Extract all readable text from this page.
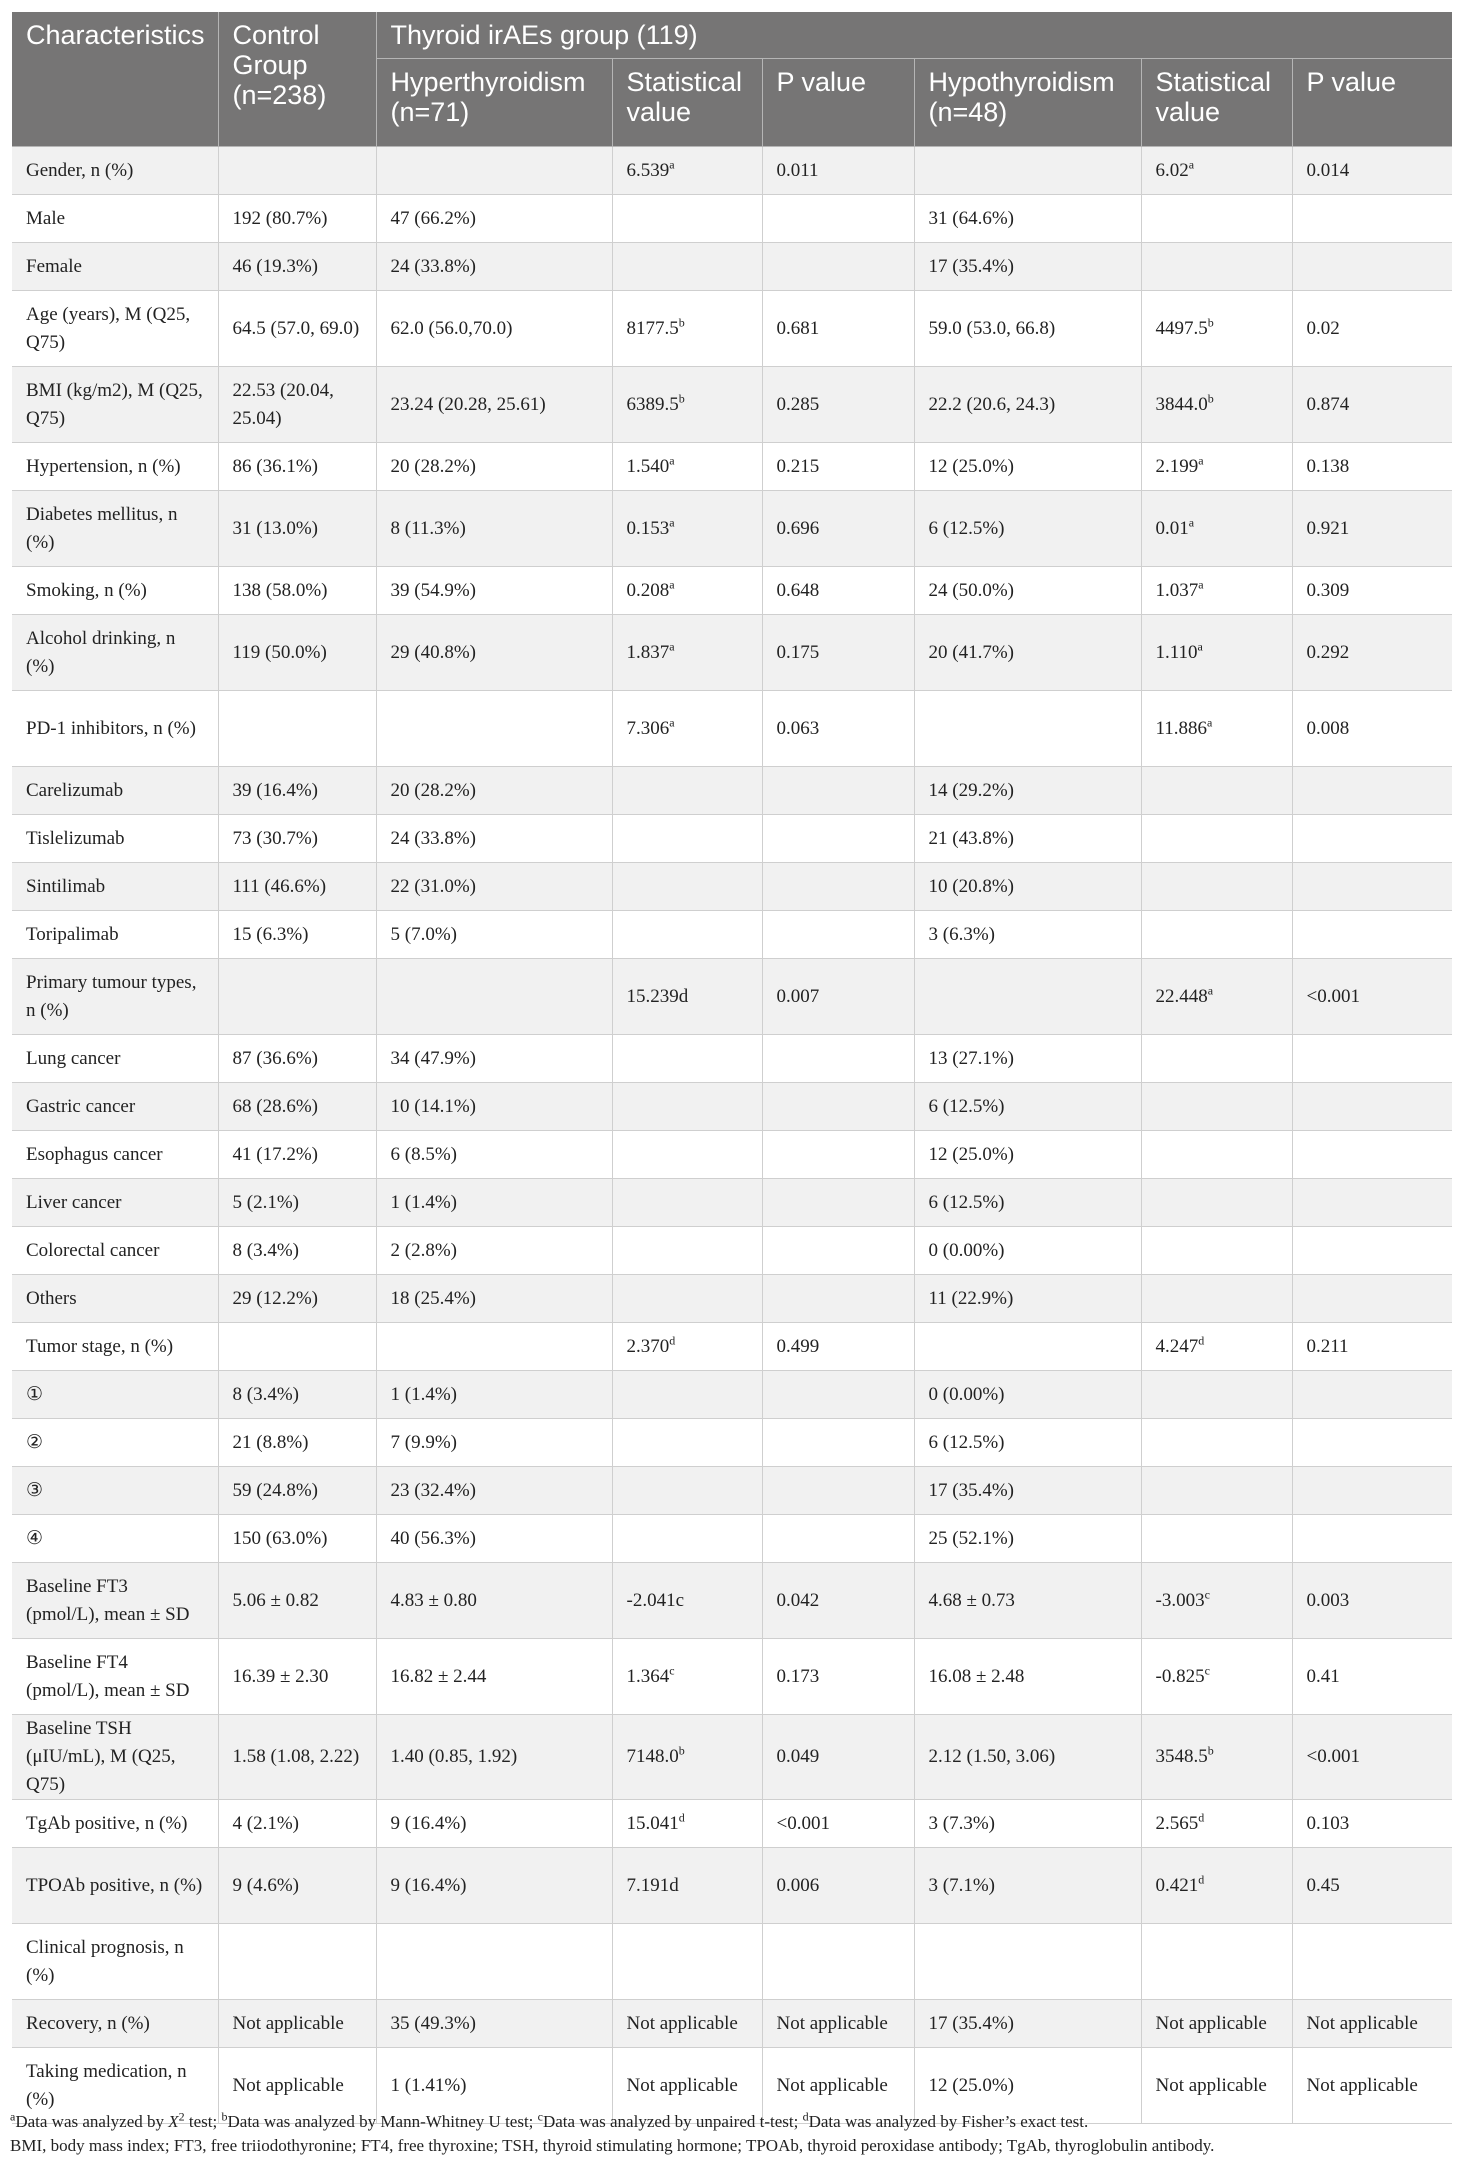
Characteristics	Control Group (n=238)	Thyroid irAEs group (119)					
		Hyperthyroidism (n=71)	Statistical value	P value	Hypothyroidism (n=48)	Statistical value	P value
Gender, n (%)			6.539$^a$	0.011		6.02$^a$	0.014
Male	192 (80.7%)	47 (66.2%)			31 (64.6%)		
Female	46 (19.3%)	24 (33.8%)			17 (35.4%)		
Age (years), M (Q25, Q75)	64.5 (57.0, 69.0)	62.0 (56.0,70.0)	8177.5$^b$	0.681	59.0 (53.0, 66.8)	4497.5$^b$	0.02
BMI (kg/m2), M (Q25, Q75)	22.53 (20.04, 25.04)	23.24 (20.28, 25.61)	6389.5$^b$	0.285	22.2 (20.6, 24.3)	3844.0$^b$	0.874
Hypertension, n (%)	86 (36.1%)	20 (28.2%)	1.540$^a$	0.215	12 (25.0%)	2.199$^a$	0.138
Diabetes mellitus, n (%)	31 (13.0%)	8 (11.3%)	0.153$^a$	0.696	6 (12.5%)	0.01$^a$	0.921
Smoking, n (%)	138 (58.0%)	39 (54.9%)	0.208$^a$	0.648	24 (50.0%)	1.037$^a$	0.309
Alcohol drinking, n (%)	119 (50.0%)	29 (40.8%)	1.837$^a$	0.175	20 (41.7%)	1.110$^a$	0.292
PD-1 inhibitors, n (%)			7.306$^a$	0.063		11.886$^a$	0.008
Carelizumab	39 (16.4%)	20 (28.2%)			14 (29.2%)		
Tislelizumab	73 (30.7%)	24 (33.8%)			21 (43.8%)		
Sintilimab	111 (46.6%)	22 (31.0%)			10 (20.8%)		
Toripalimab	15 (6.3%)	5 (7.0%)			3 (6.3%)		
Primary tumour types, n (%)			15.239d	0.007		22.448$^a$	<0.001
Lung cancer	87 (36.6%)	34 (47.9%)			13 (27.1%)		
Gastric cancer	68 (28.6%)	10 (14.1%)			6 (12.5%)		
Esophagus cancer	41 (17.2%)	6 (8.5%)			12 (25.0%)		
Liver cancer	5 (2.1%)	1 (1.4%)			6 (12.5%)		
Colorectal cancer	8 (3.4%)	2 (2.8%)			0 (0.00%)		
Others	29 (12.2%)	18 (25.4%)			11 (22.9%)		
Tumor stage, n (%)			2.370$^d$	0.499		4.247$^d$	0.211
①	8 (3.4%)	1 (1.4%)			0 (0.00%)		
②	21 (8.8%)	7 (9.9%)			6 (12.5%)		
③	59 (24.8%)	23 (32.4%)			17 (35.4%)		
④	150 (63.0%)	40 (56.3%)			25 (52.1%)		
Baseline FT3 (pmol/L), mean ± SD	5.06 ± 0.82	4.83 ± 0.80	-2.041c	0.042	4.68 ± 0.73	-3.003$^c$	0.003
Baseline FT4 (pmol/L), mean ± SD	16.39 ± 2.30	16.82 ± 2.44	1.364$^c$	0.173	16.08 ± 2.48	-0.825$^c$	0.41
Baseline TSH (μIU/mL), M (Q25, Q75)	1.58 (1.08, 2.22)	1.40 (0.85, 1.92)	7148.0$^b$	0.049	2.12 (1.50, 3.06)	3548.5$^b$	<0.001
TgAb positive, n (%)	4 (2.1%)	9 (16.4%)	15.041$^d$	<0.001	3 (7.3%)	2.565$^d$	0.103
TPOAb positive, n (%)	9 (4.6%)	9 (16.4%)	7.191d	0.006	3 (7.1%)	0.421$^d$	0.45
Clinical prognosis, n (%)							
Recovery, n (%)	Not applicable	35 (49.3%)	Not applicable	Not applicable	17 (35.4%)	Not applicable	Not applicable
Taking medication, n (%)	Not applicable	1 (1.41%)	Not applicable	Not applicable	12 (25.0%)	Not applicable	Not applicable

$^a$Data was analyzed by $X^2$ test; $^b$Data was analyzed by Mann-Whitney U test; $^c$Data was analyzed by unpaired t-test; $^d$Data was analyzed by Fisher’s exact test.

BMI, body mass index; FT3, free triiodothyronine; FT4, free thyroxine; TSH, thyroid stimulating hormone; TPOAb, thyroid peroxidase antibody; TgAb, thyroglobulin antibody.
